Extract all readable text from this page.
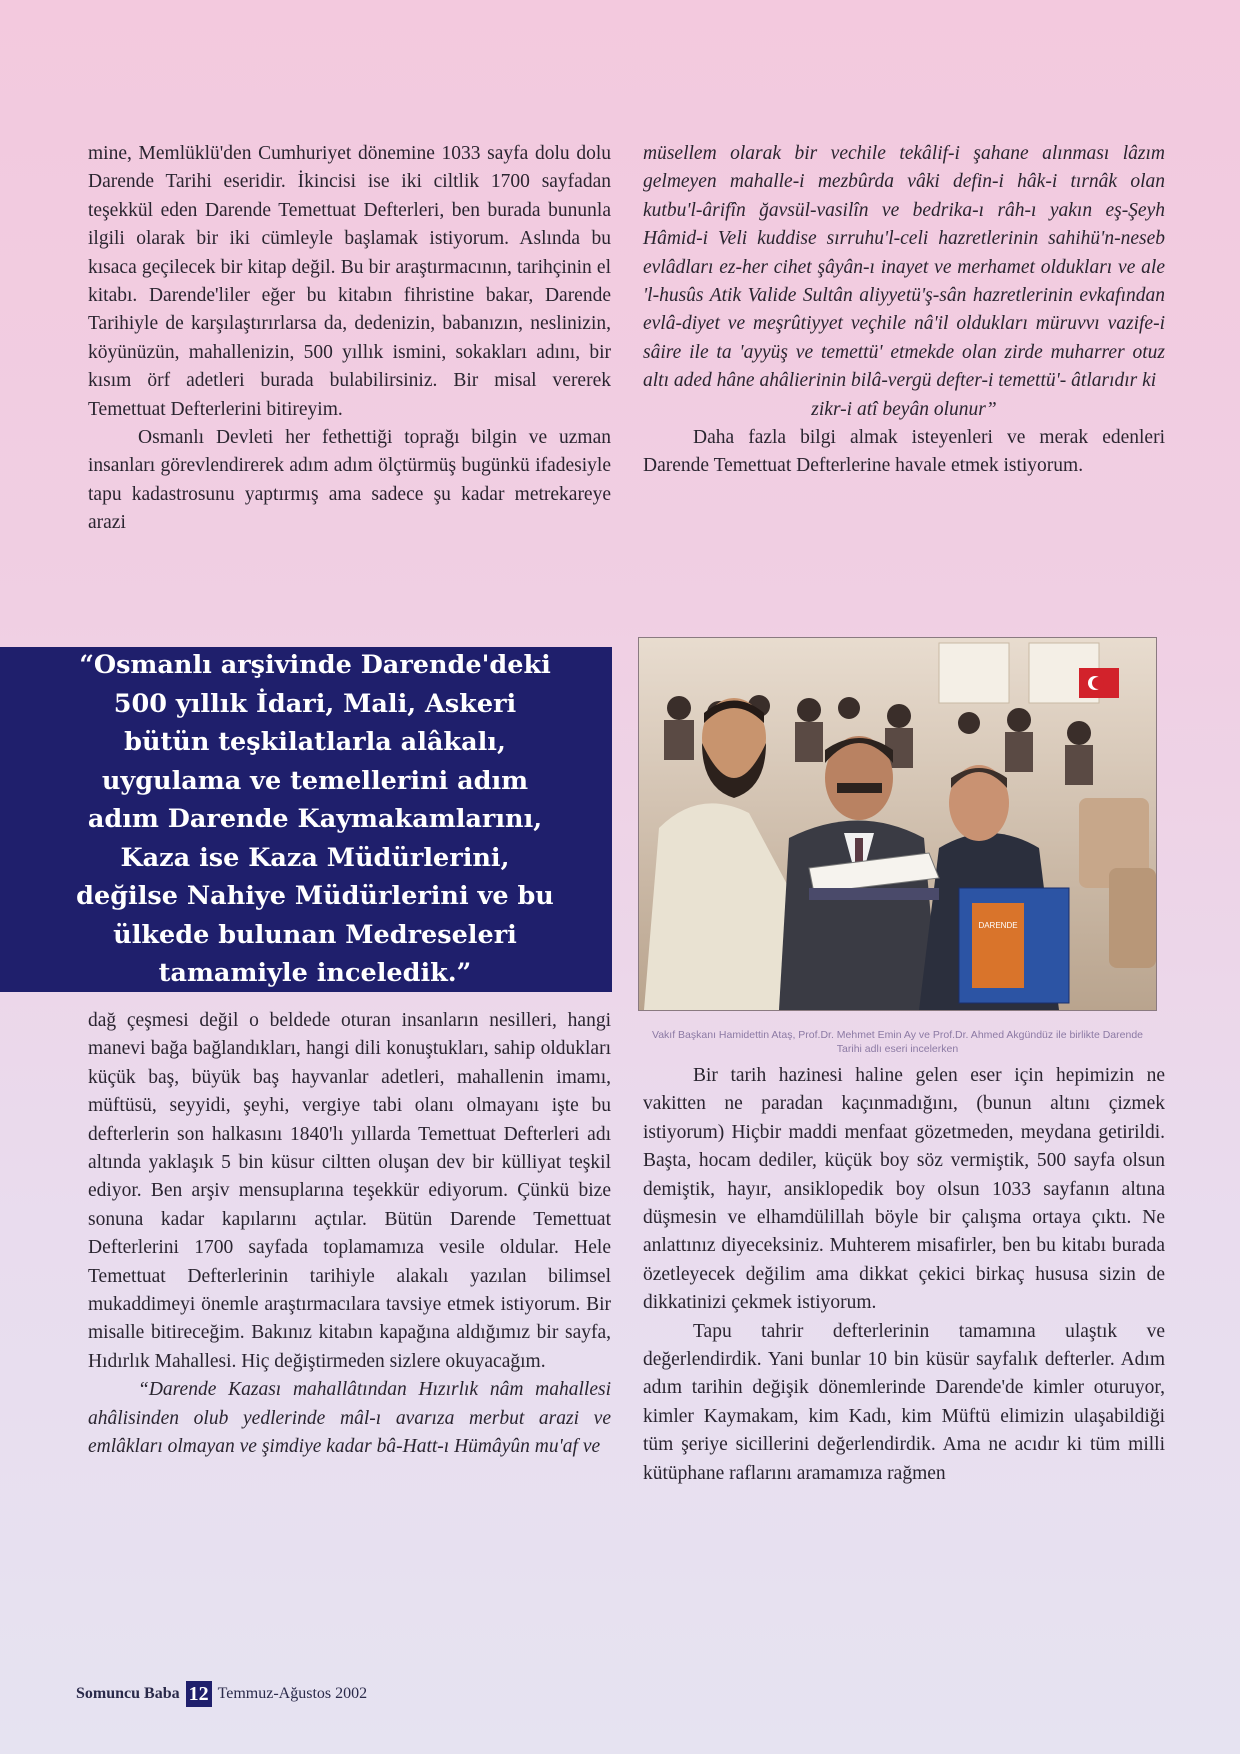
mine, Memlüklü'den Cumhuriyet dönemine 1033 sayfa dolu dolu Darende Tarihi eseridir. İkincisi ise iki ciltlik 1700 sayfadan teşekkül eden Darende Temettuat Defterleri, ben burada bununla ilgili olarak bir iki cümleyle başlamak istiyorum. Aslında bu kısaca geçilecek bir kitap değil. Bu bir araştırmacının, tarihçinin el kitabı. Darende'liler eğer bu kitabın fihristine bakar, Darende Tarihiyle de karşılaştırırlarsa da, dedenizin, babanızın, neslinizin, köyünüzün, mahallenizin, 500 yıllık ismini, sokakları adını, bir kısım örf adetleri burada bulabilirsiniz. Bir misal vererek Temettuat Defterlerini bitireyim.

Osmanlı Devleti her fethettiği toprağı bilgin ve uzman insanları görevlendirerek adım adım ölçtürmüş bugünkü ifadesiyle tapu kadastrosunu yaptırmış ama sadece şu kadar metrekareye arazi

“Osmanlı arşivinde Darende'deki 500 yıllık İdari, Mali, Askeri bütün teşkilatlarla alâkalı, uygulama ve temellerini adım adım Darende Kaymakamlarını, Kaza ise Kaza Müdürlerini, değilse Nahiye Müdürlerini ve bu ülkede bulunan Medreseleri tamamiyle inceledik.”

dağ çeşmesi değil o beldede oturan insanların nesilleri, hangi manevi bağa bağlandıkları, hangi dili konuştukları, sahip oldukları küçük baş, büyük baş hayvanlar adetleri, mahallenin imamı, müftüsü, seyyidi, şeyhi, vergiye tabi olanı olmayanı işte bu defterlerin son halkasını 1840'lı yıllarda Temettuat Defterleri adı altında yaklaşık 5 bin küsur ciltten oluşan dev bir külliyat teşkil ediyor. Ben arşiv mensuplarına teşekkür ediyorum. Çünkü bize sonuna kadar kapılarını açtılar. Bütün Darende Temettuat Defterlerini 1700 sayfada toplamamıza vesile oldular. Hele Temettuat Defterlerinin tarihiyle alakalı yazılan bilimsel mukaddimeyi önemle araştırmacılara tavsiye etmek istiyorum. Bir misalle bitireceğim. Bakınız kitabın kapağına aldığımız bir sayfa, Hıdırlık Mahallesi. Hiç değiştirmeden sizlere okuyacağım.

“Darende Kazası mahallâtından Hızırlık nâm mahallesi ahâlisinden olub yedlerinde mâl-ı avarıza merbut arazi ve emlâkları olmayan ve şimdiye kadar bâ-Hatt-ı Hümâyûn mu'af ve

müsellem olarak bir vechile tekâlif-i şahane alınması lâzım gelmeyen mahalle-i mezbûrda vâki defin-i hâk-i tırnâk olan kutbu'l-ârifîn ğavsül-vasilîn ve bedrika-ı râh-ı yakın eş-Şeyh Hâmid-i Veli kuddise sırruhu'l-celi hazretlerinin sahihü'n-neseb evlâdları ez-her cihet şâyân-ı inayet ve merhamet oldukları ve ale 'l-husûs Atik Valide Sultân aliyyetü'ş-sân hazretlerinin evkafından evlâ-diyet ve meşrûtiyyet veçhile nâ'il oldukları müruvvı vazife-i sâire ile ta 'ayyüş ve temettü' etmekde olan zirde muharrer otuz altı aded hâne ahâlierinin bilâ-vergü defter-i temettü'- âtlarıdır ki

zikr-i atî beyân olunur”

Daha fazla bilgi almak isteyenleri ve merak edenleri Darende Temettuat Defterlerine havale etmek istiyorum.

DARENDE
Vakıf Başkanı Hamidettin Ataş, Prof.Dr. Mehmet Emin Ay ve Prof.Dr. Ahmed Akgündüz ile birlikte Darende Tarihi adlı eseri incelerken

Bir tarih hazinesi haline gelen eser için hepimizin ne vakitten ne paradan kaçınmadığını, (bunun altını çizmek istiyorum) Hiçbir maddi menfaat gözetmeden, meydana getirildi. Başta, hocam dediler, küçük boy söz vermiştik, 500 sayfa olsun demiştik, hayır, ansiklopedik boy olsun 1033 sayfanın altına düşmesin ve elhamdülillah böyle bir çalışma ortaya çıktı. Ne anlattınız diyeceksiniz. Muhterem misafirler, ben bu kitabı burada özetleyecek değilim ama dikkat çekici birkaç hususa sizin de dikkatinizi çekmek istiyorum.

Tapu tahrir defterlerinin tamamına ulaştık ve değerlendirdik. Yani bunlar 10 bin küsür sayfalık defterler. Adım adım tarihin değişik dönemlerinde Darende'de kimler oturuyor, kimler Kaymakam, kim Kadı, kim Müftü elimizin ulaşabildiği tüm şeriye sicillerini değerlendirdik. Ama ne acıdır ki tüm milli kütüphane raflarını aramamıza rağmen

Somuncu Baba 12 Temmuz-Ağustos 2002
